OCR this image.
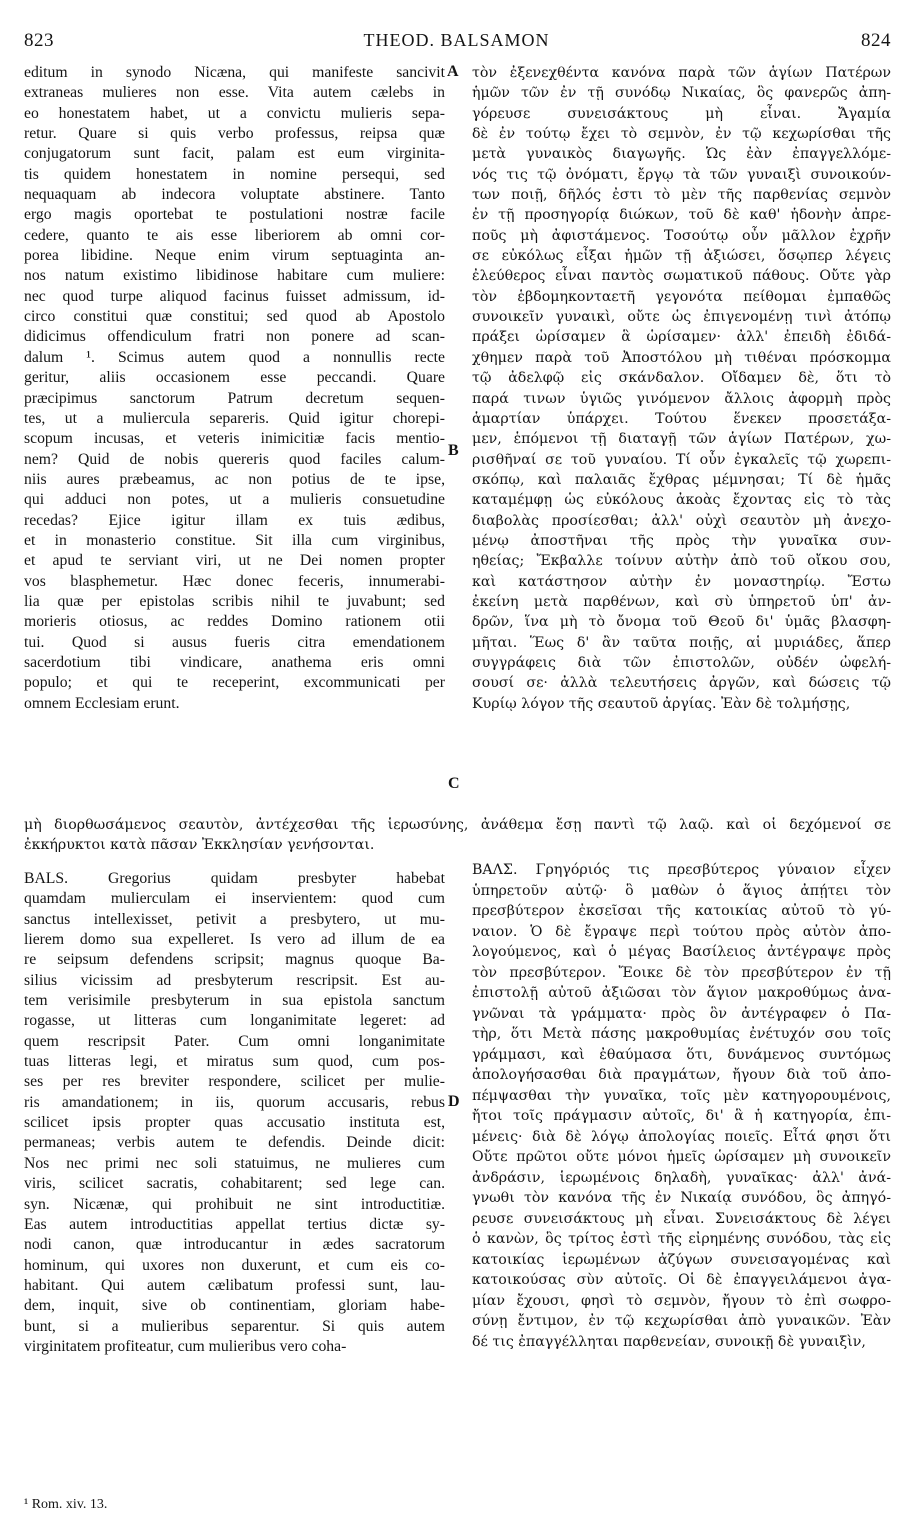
823	THEOD. BALSAMON	824
editum in synodo Nicæna, qui manifeste sancivit
extraneas mulieres non esse. Vita autem cælebs in
eo honestatem habet, ut a convictu mulieris sepa-
retur. Quare si quis verbo professus, reipsa quæ
conjugatorum sunt facit, palam est eum virginita-
tis quidem honestatem in nomine persequi, sed
nequaquam ab indecora voluptate abstinere. Tanto
ergo magis oportebat te postulationi nostræ facile
cedere, quanto te ais esse liberiorem ab omni cor-
porea libidine. Neque enim virum septuaginta an-
nos natum existimo libidinose habitare cum muliere:
nec quod turpe aliquod facinus fuisset admissum, id-
circo constitui quæ constitui; sed quod ab Apostolo
didicimus offendiculum fratri non ponere ad scan-
dalum ¹. Scimus autem quod a nonnullis recte
geritur, aliis occasionem esse peccandi. Quare
præcipimus sanctorum Patrum decretum sequen-
tes, ut a muliercula separeris. Quid igitur chorepi-
scopum incusas, et veteris inimicitiæ facis mentio-
nem? Quid de nobis quereris quod faciles calum-
niis aures præbeamus, ac non potius de te ipse,
qui adduci non potes, ut a mulieris consuetudine
recedas? Ejice igitur illam ex tuis ædibus,
et in monasterio constitue. Sit illa cum virginibus,
et apud te serviant viri, ut ne Dei nomen propter
vos blasphemetur. Hæc donec feceris, innumerabi-
lia quæ per epistolas scribis nihil te juvabunt; sed
morieris otiosus, ac reddes Domino rationem otii
tui. Quod si ausus fueris citra emendationem
sacerdotium tibi vindicare, anathema eris omni
populo; et qui te receperint, excommunicati per
omnem Ecclesiam erunt.
τὸν ἐξενεχθέντα κανόνα παρὰ τῶν ἁγίων Πατέρων
ἡμῶν τῶν ἐν τῇ συνόδῳ Νικαίας, ὃς φανερῶς ἀπη-
γόρευσε συνεισάκτους μὴ εἶναι. Ἄγαμία
δὲ ἐν τούτῳ ἔχει τὸ σεμνὸν, ἐν τῷ κεχωρίσθαι τῆς
μετὰ γυναικὸς διαγωγῆς. Ὡς ἐὰν ἐπαγγελλόμε-
νός τις τῷ ὀνόματι, ἔργῳ τὰ τῶν γυναιξὶ συνοικούν-
των ποιῇ, δῆλός ἐστι τὸ μὲν τῆς παρθενίας σεμνὸν
ἐν τῇ προσηγορίᾳ διώκων, τοῦ δὲ καθ' ἡδονὴν ἀπρε-
ποῦς μὴ ἀφιστάμενος. Τοσούτῳ οὖν μᾶλλον ἐχρῆν
σε εὐκόλως εἶξαι ἡμῶν τῇ ἀξιώσει, ὅσῳπερ λέγεις
ἐλεύθερος εἶναι παντὸς σωματικοῦ πάθους. Οὔτε γὰρ
τὸν ἑβδομηκονταετῆ γεγονότα πείθομαι ἐμπαθῶς
συνοικεῖν γυναικὶ, οὔτε ὡς ἐπιγενομένῃ τινὶ ἀτόπῳ
πράξει ὡρίσαμεν ἃ ὡρίσαμεν· ἀλλ' ἐπειδὴ ἐδιδά-
χθημεν παρὰ τοῦ Ἀποστόλου μὴ τιθέναι πρόσκομμα
τῷ ἀδελφῷ εἰς σκάνδαλον. Οἴδαμεν δὲ, ὅτι τὸ
παρά τινων ὑγιῶς γινόμενον ἄλλοις ἀφορμὴ πρὸς
ἁμαρτίαν ὑπάρχει. Τούτου ἕνεκεν προσετάξα-
μεν, ἑπόμενοι τῇ διαταγῇ τῶν ἁγίων Πατέρων, χω-
ρισθῆναί σε τοῦ γυναίου. Τί οὖν ἐγκαλεῖς τῷ χωρεπι-
σκόπῳ, καὶ παλαιᾶς ἔχθρας μέμνησαι; Τί δὲ ἡμᾶς
καταμέμφῃ ὡς εὐκόλους ἀκοὰς ἔχοντας εἰς τὸ τὰς
διαβολὰς προσίεσθαι; ἀλλ' οὐχὶ σεαυτὸν μὴ ἀνεχο-
μένῳ ἀποστῆναι τῆς πρὸς τὴν γυναῖκα συν-
ηθείας; Ἔκβαλλε τοίνυν αὐτὴν ἀπὸ τοῦ οἴκου σου,
καὶ κατάστησον αὐτὴν ἐν μοναστηρίῳ. Ἔστω
ἐκείνη μετὰ παρθένων, καὶ σὺ ὑπηρετοῦ ὑπ' ἀν-
δρῶν, ἵνα μὴ τὸ ὄνομα τοῦ Θεοῦ δι' ὑμᾶς βλασφη-
μῆται. Ἕως δ' ἂν ταῦτα ποιῇς, αἱ μυριάδες, ἅπερ
συγγράφεις διὰ τῶν ἐπιστολῶν, οὐδέν ὠφελή-
σουσί σε· ἀλλὰ τελευτήσεις ἀργῶν, καὶ δώσεις τῷ
Κυρίῳ λόγον τῆς σεαυτοῦ ἀργίας. Ἐὰν δὲ τολμήσῃς,
A
B
C
D
μὴ διορθωσάμενος σεαυτὸν, ἀντέχεσθαι τῆς ἱερωσύνης, ἀνάθεμα ἔσῃ παντὶ τῷ λαῷ. καὶ οἱ δεχόμενοί σε
ἐκκήρυκτοι κατὰ πᾶσαν Ἐκκλησίαν γενήσονται.
BALS. Gregorius quidam presbyter habebat
quamdam mulierculam ei inservientem: quod cum
sanctus intellexisset, petivit a presbytero, ut mu-
lierem domo sua expelleret. Is vero ad illum de ea
re seipsum defendens scripsit; magnus quoque Ba-
silius vicissim ad presbyterum rescripsit. Est au-
tem verisimile presbyterum in sua epistola sanctum
rogasse, ut litteras cum longanimitate legeret: ad
quem rescripsit Pater. Cum omni longanimitate
tuas litteras legi, et miratus sum quod, cum pos-
ses per res breviter respondere, scilicet per mulie-
ris amandationem; in iis, quorum accusaris, rebus
scilicet ipsis propter quas accusatio instituta est,
permaneas; verbis autem te defendis. Deinde dicit:
Nos nec primi nec soli statuimus, ne mulieres cum
viris, scilicet sacratis, cohabitarent; sed lege can.
syn. Nicænæ, qui prohibuit ne sint introductitiæ.
Eas autem introductitias appellat tertius dictæ sy-
nodi canon, quæ introducantur in ædes sacratorum
hominum, qui uxores non duxerunt, et cum eis co-
habitant. Qui autem cælibatum professi sunt, lau-
dem, inquit, sive ob continentiam, gloriam habe-
bunt, si a mulieribus separentur. Si quis autem
virginitatem profiteatur, cum mulieribus vero coha-
ΒΑΛΣ. Γρηγόριός τις πρεσβύτερος γύναιον εἶχεν
ὑπηρετοῦν αὐτῷ· ὃ μαθὼν ὁ ἅγιος ἀπῄτει τὸν
πρεσβύτερον ἐκσεῖσαι τῆς κατοικίας αὐτοῦ τὸ γύ-
ναιον. Ὁ δὲ ἔγραψε περὶ τούτου πρὸς αὐτὸν ἀπο-
λογούμενος, καὶ ὁ μέγας Βασίλειος ἀντέγραψε πρὸς
τὸν πρεσβύτερον. Ἔοικε δὲ τὸν πρεσβύτερον ἐν τῇ
ἐπιστολῇ αὐτοῦ ἀξιῶσαι τὸν ἅγιον μακροθύμως ἀνα-
γνῶναι τὰ γράμματα· πρὸς ὃν ἀντέγραφεν ὁ Πα-
τὴρ, ὅτι Μετὰ πάσης μακροθυμίας ἐνέτυχόν σου τοῖς
γράμμασι, καὶ ἐθαύμασα ὅτι, δυνάμενος συντόμως
ἀπολογήσασθαι διὰ πραγμάτων, ἤγουν διὰ τοῦ ἀπο-
πέμψασθαι τὴν γυναῖκα, τοῖς μὲν κατηγορουμένοις,
ἤτοι τοῖς πράγμασιν αὐτοῖς, δι' ἃ ἡ κατηγορία, ἐπι-
μένεις· διὰ δὲ λόγῳ ἀπολογίας ποιεῖς. Εἶτά φησι ὅτι
Οὔτε πρῶτοι οὔτε μόνοι ἡμεῖς ὡρίσαμεν μὴ συνοικεῖν
ἀνδράσιν, ἱερωμένοις δηλαδὴ, γυναῖκας· ἀλλ' ἀνά-
γνωθι τὸν κανόνα τῆς ἐν Νικαίᾳ συνόδου, ὃς ἀπηγό-
ρευσε συνεισάκτους μὴ εἶναι. Συνεισάκτους δὲ λέγει
ὁ κανὼν, ὃς τρίτος ἐστὶ τῆς εἰρημένης συνόδου, τὰς εἰς
κατοικίας ἱερωμένων ἀζύγων συνεισαγομένας καὶ
κατοικούσας σὺν αὐτοῖς. Οἱ δὲ ἐπαγγειλάμενοι ἀγα-
μίαν ἔχουσι, φησὶ τὸ σεμνὸν, ἤγουν τὸ ἐπὶ σωφρο-
σύνῃ ἔντιμον, ἐν τῷ κεχωρίσθαι ἀπὸ γυναικῶν. Ἐὰν
δέ τις ἐπαγγέλληται παρθενείαν, συνοικῇ δὲ γυναιξὶν,
¹ Rom. xiv. 13.
